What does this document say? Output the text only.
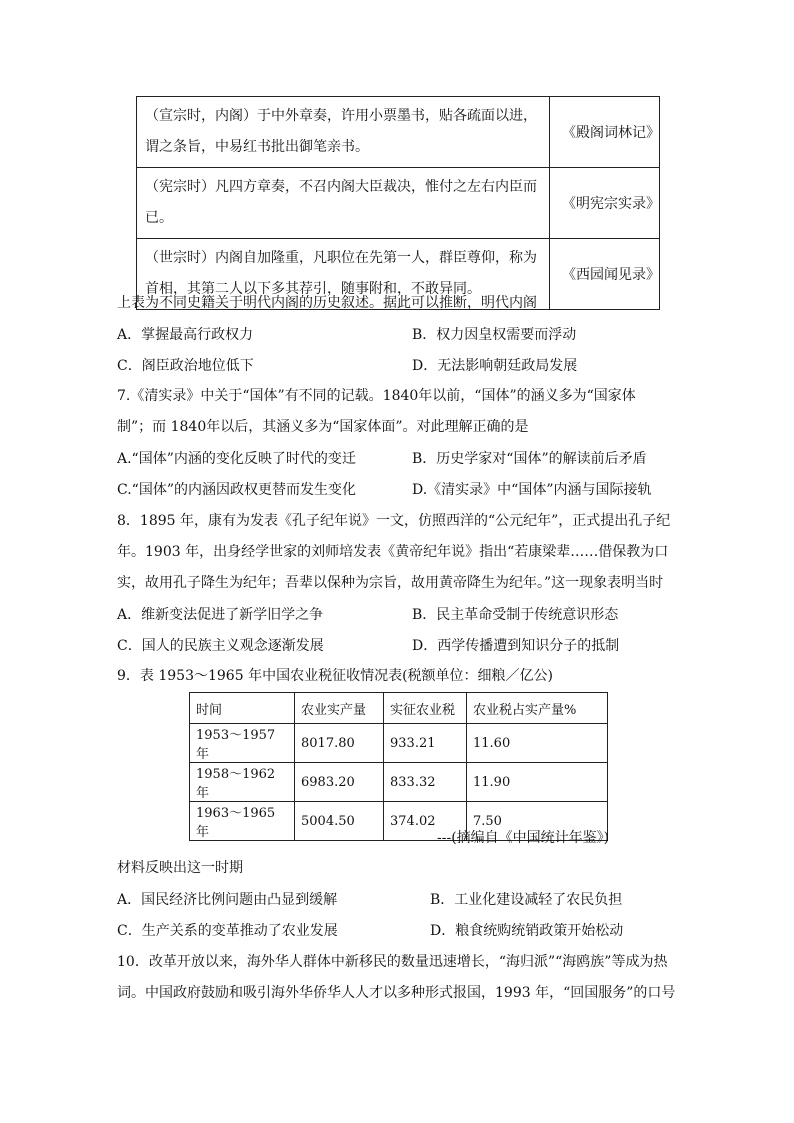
（宣宗时，内阁）于中外章奏，许用小票墨书，贴各疏面以进，谓之条旨，中易红书批出御笔亲书。	《殿阁词林记》
（宪宗时）凡四方章奏，不召内阁大臣裁决，惟付之左右内臣而已。	《明宪宗实录》
（世宗时）内阁自加隆重，凡职位在先第一人，群臣尊仰，称为首相，其第二人以下多其荐引，随事附和，不敢异同。	《西园闻见录》
上表为不同史籍关于明代内阁的历史叙述。据此可以推断，明代内阁
A．掌握最高行政权力	B．权力因皇权需要而浮动
C．阁臣政治地位低下	D．无法影响朝廷政局发展
7.《清实录》中关于“国体”有不同的记载。1840年以前，“国体”的涵义多为“国家体
制”；而 1840年以后，其涵义多为“国家体面”。对此理解正确的是
A.“国体”内涵的变化反映了时代的变迁	B．历史学家对“国体”的解读前后矛盾
C.“国体”的内涵因政权更替而发生变化	D.《清实录》中“国体”内涵与国际接轨
8．1895 年，康有为发表《孔子纪年说》一文，仿照西洋的“公元纪年”，正式提出孔子纪
年。1903 年，出身经学世家的刘师培发表《黄帝纪年说》指出“若康梁辈……借保教为口
实，故用孔子降生为纪年；吾辈以保种为宗旨，故用黄帝降生为纪年。”这一现象表明当时
A．维新变法促进了新学旧学之争	B．民主革命受制于传统意识形态
C．国人的民族主义观念逐渐发展	D．西学传播遭到知识分子的抵制
9．表 1953～1965 年中国农业税征收情况表(税额单位：细粮／亿公)
时间	农业实产量	实征农业税	农业税占实产量%
1953～1957 年	8017.80	933.21	11.60
1958～1962 年	6983.20	833.32	11.90
1963～1965 年	5004.50	374.02	7.50
---(摘编自《中国统计年鉴》)
材料反映出这一时期
A．国民经济比例问题由凸显到缓解	B．工业化建设减轻了农民负担
C．生产关系的变革推动了农业发展	D．粮食统购统销政策开始松动
10．改革开放以来，海外华人群体中新移民的数量迅速增长，“海归派”“海鸥族”等成为热
词。中国政府鼓励和吸引海外华侨华人人才以多种形式报国，1993 年，“回国服务”的口号
